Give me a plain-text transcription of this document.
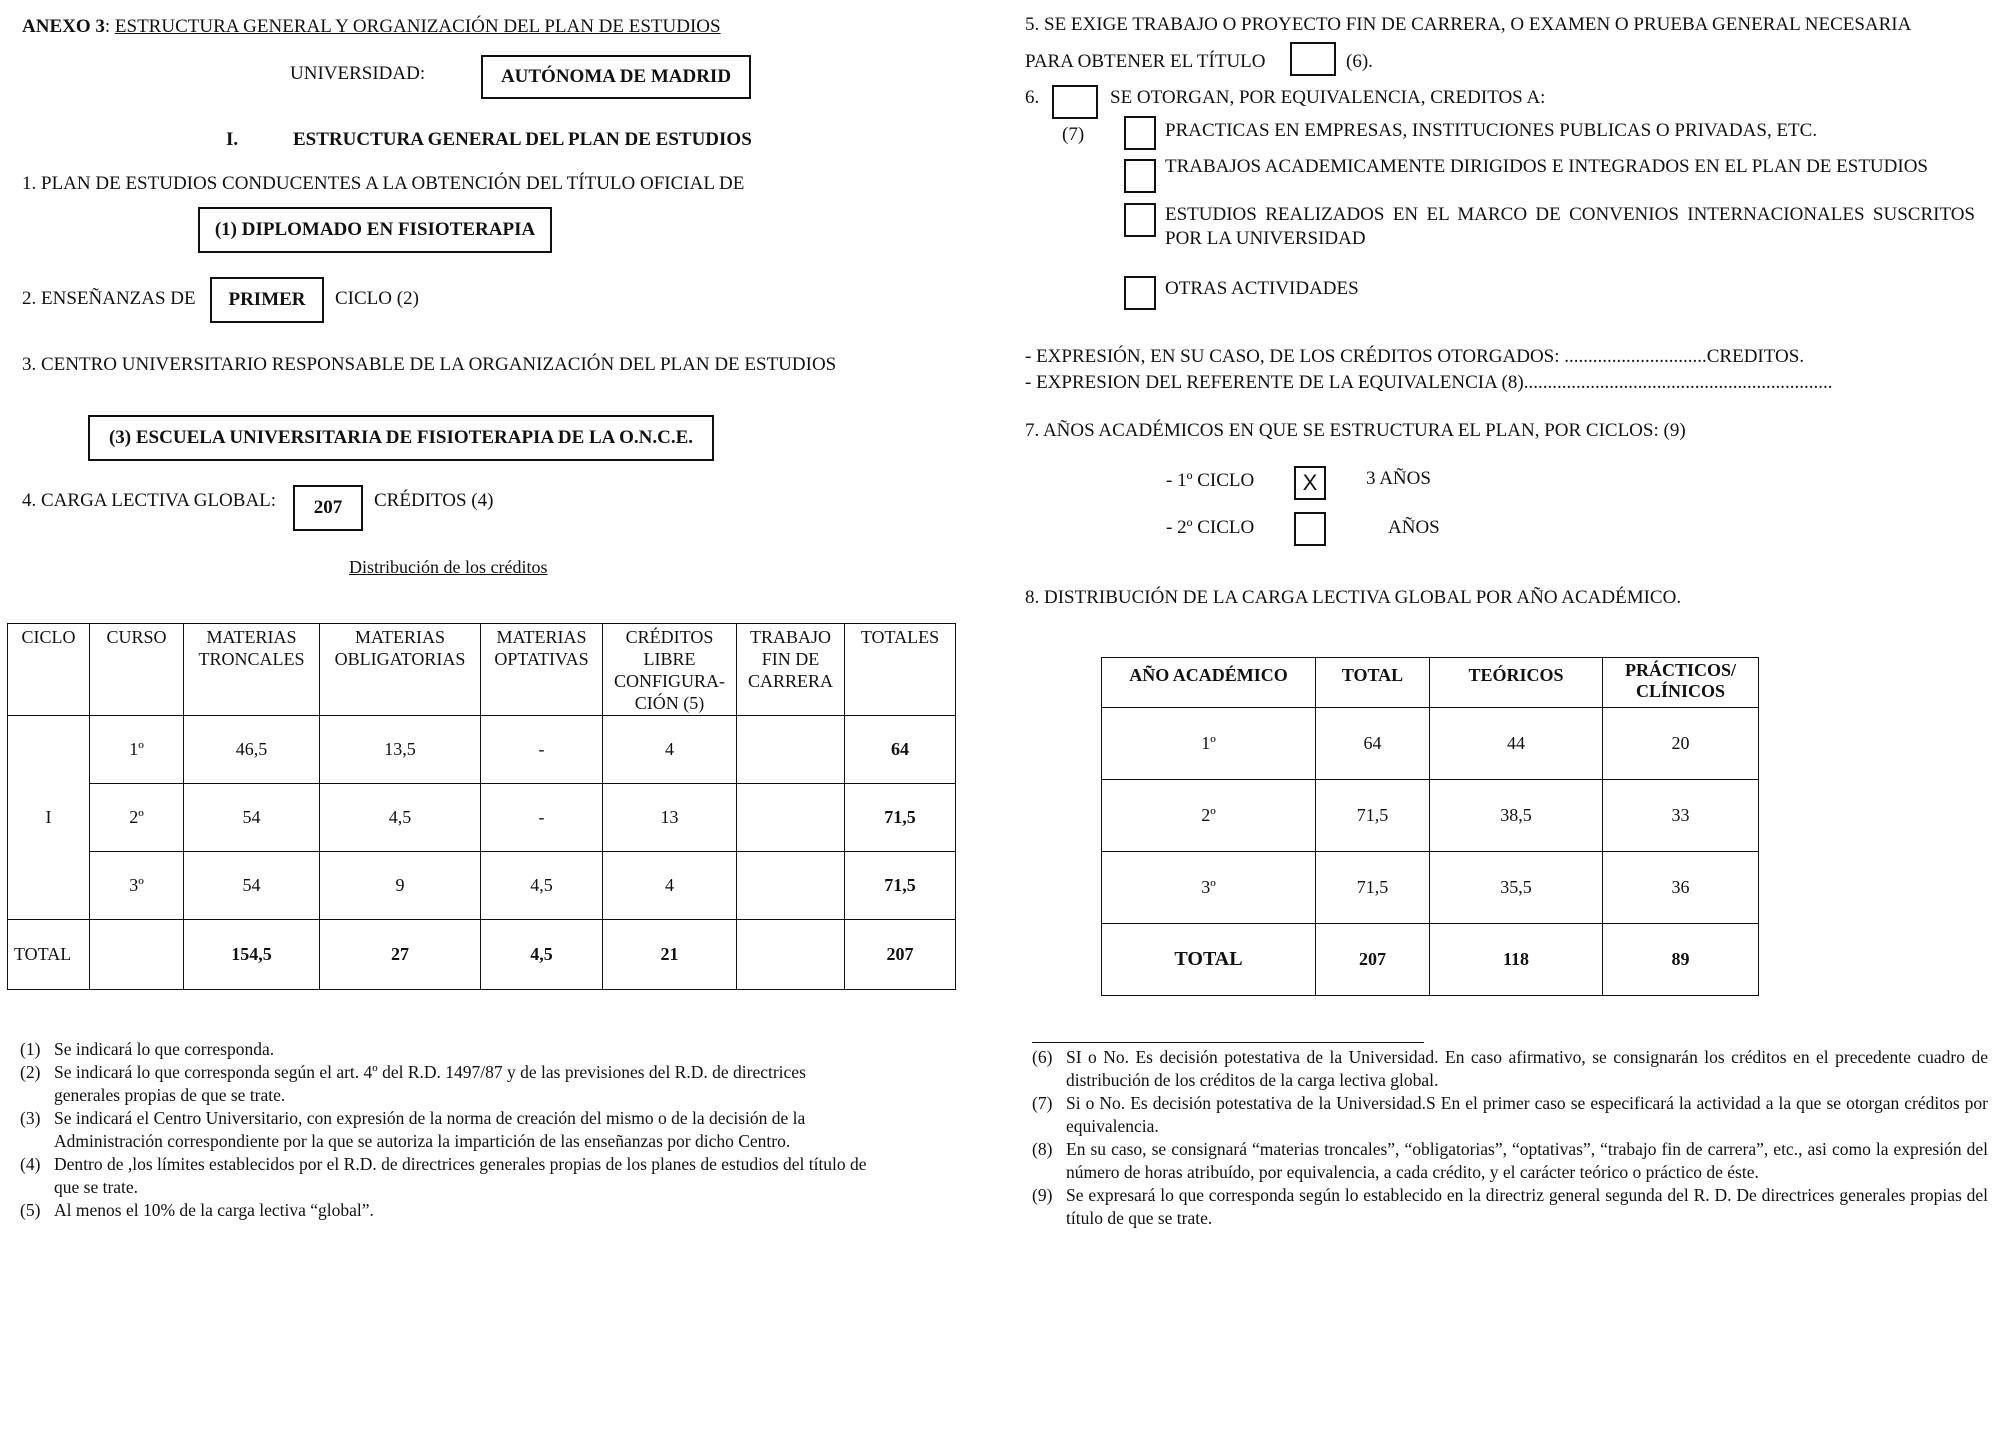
ANEXO 3: ESTRUCTURA GENERAL Y ORGANIZACIÓN DEL PLAN DE ESTUDIOS
UNIVERSIDAD:	AUTÓNOMA DE MADRID
I.	ESTRUCTURA GENERAL DEL PLAN DE ESTUDIOS
1. PLAN DE ESTUDIOS CONDUCENTES A LA OBTENCIÓN DEL TÍTULO OFICIAL DE
(1) DIPLOMADO EN FISIOTERAPIA
2. ENSEÑANZAS DE PRIMER CICLO (2)
3. CENTRO UNIVERSITARIO RESPONSABLE DE LA ORGANIZACIÓN DEL PLAN DE ESTUDIOS
(3) ESCUELA UNIVERSITARIA DE FISIOTERAPIA DE LA O.N.C.E.
4. CARGA LECTIVA GLOBAL: 207 CRÉDITOS (4)
Distribución de los créditos
CICLO	CURSO	MATERIAS TRONCALES	MATERIAS OBLIGATORIAS	MATERIAS OPTATIVAS	CRÉDITOS LIBRE CONFIGURA-CIÓN (5)	TRABAJO FIN DE CARRERA	TOTALES
I	1º	46,5	13,5	-	4		64
	2º	54	4,5	-	13		71,5
	3º	54	9	4,5	4		71,5
TOTAL		154,5	27	4,5	21		207
(1) Se indicará lo que corresponda.
(2) Se indicará lo que corresponda según el art. 4º del R.D. 1497/87 y de las previsiones del R.D. de directrices generales propias de que se trate.
(3) Se indicará el Centro Universitario, con expresión de la norma de creación del mismo o de la decisión de la Administración correspondiente por la que se autoriza la impartición de las enseñanzas por dicho Centro.
(4) Dentro de ,los límites establecidos por el R.D. de directrices generales propias de los planes de estudios del título de que se trate.
(5) Al menos el 10% de la carga lectiva “global”.
5. SE EXIGE TRABAJO O PROYECTO FIN DE CARRERA, O EXAMEN O PRUEBA GENERAL NECESARIA
PARA OBTENER EL TÍTULO	(6).
6.	SE OTORGAN, POR EQUIVALENCIA, CREDITOS A:
(7)	PRACTICAS EN EMPRESAS, INSTITUCIONES PUBLICAS O PRIVADAS, ETC.
TRABAJOS ACADEMICAMENTE DIRIGIDOS E INTEGRADOS EN EL PLAN DE ESTUDIOS
ESTUDIOS REALIZADOS EN EL MARCO DE CONVENIOS INTERNACIONALES SUSCRITOS POR LA UNIVERSIDAD
OTRAS ACTIVIDADES
- EXPRESIÓN, EN SU CASO, DE LOS CRÉDITOS OTORGADOS: ..............................CREDITOS.
- EXPRESION DEL REFERENTE DE LA EQUIVALENCIA (8).................................................................
7. AÑOS ACADÉMICOS EN QUE SE ESTRUCTURA EL PLAN, POR CICLOS: (9)
- 1º CICLO X	3 AÑOS
- 2º CICLO	AÑOS
8. DISTRIBUCIÓN DE LA CARGA LECTIVA GLOBAL POR AÑO ACADÉMICO.
AÑO ACADÉMICO	TOTAL	TEÓRICOS	PRÁCTICOS/ CLÍNICOS
1º	64	44	20
2º	71,5	38,5	33
3º	71,5	35,5	36
TOTAL	207	118	89
(6) SI o No. Es decisión potestativa de la Universidad. En caso afirmativo, se consignarán los créditos en el precedente cuadro de distribución de los créditos de la carga lectiva global.
(7) Si o No. Es decisión potestativa de la Universidad.S En el primer caso se especificará la actividad a la que se otorgan créditos por equivalencia.
(8) En su caso, se consignará “materias troncales”, “obligatorias”, “optativas”, “trabajo fin de carrera”, etc., asi como la expresión del número de horas atribuído, por equivalencia, a cada crédito, y el carácter teórico o práctico de éste.
(9) Se expresará lo que corresponda según lo establecido en la directriz general segunda del R. D. De directrices generales propias del título de que se trate.
